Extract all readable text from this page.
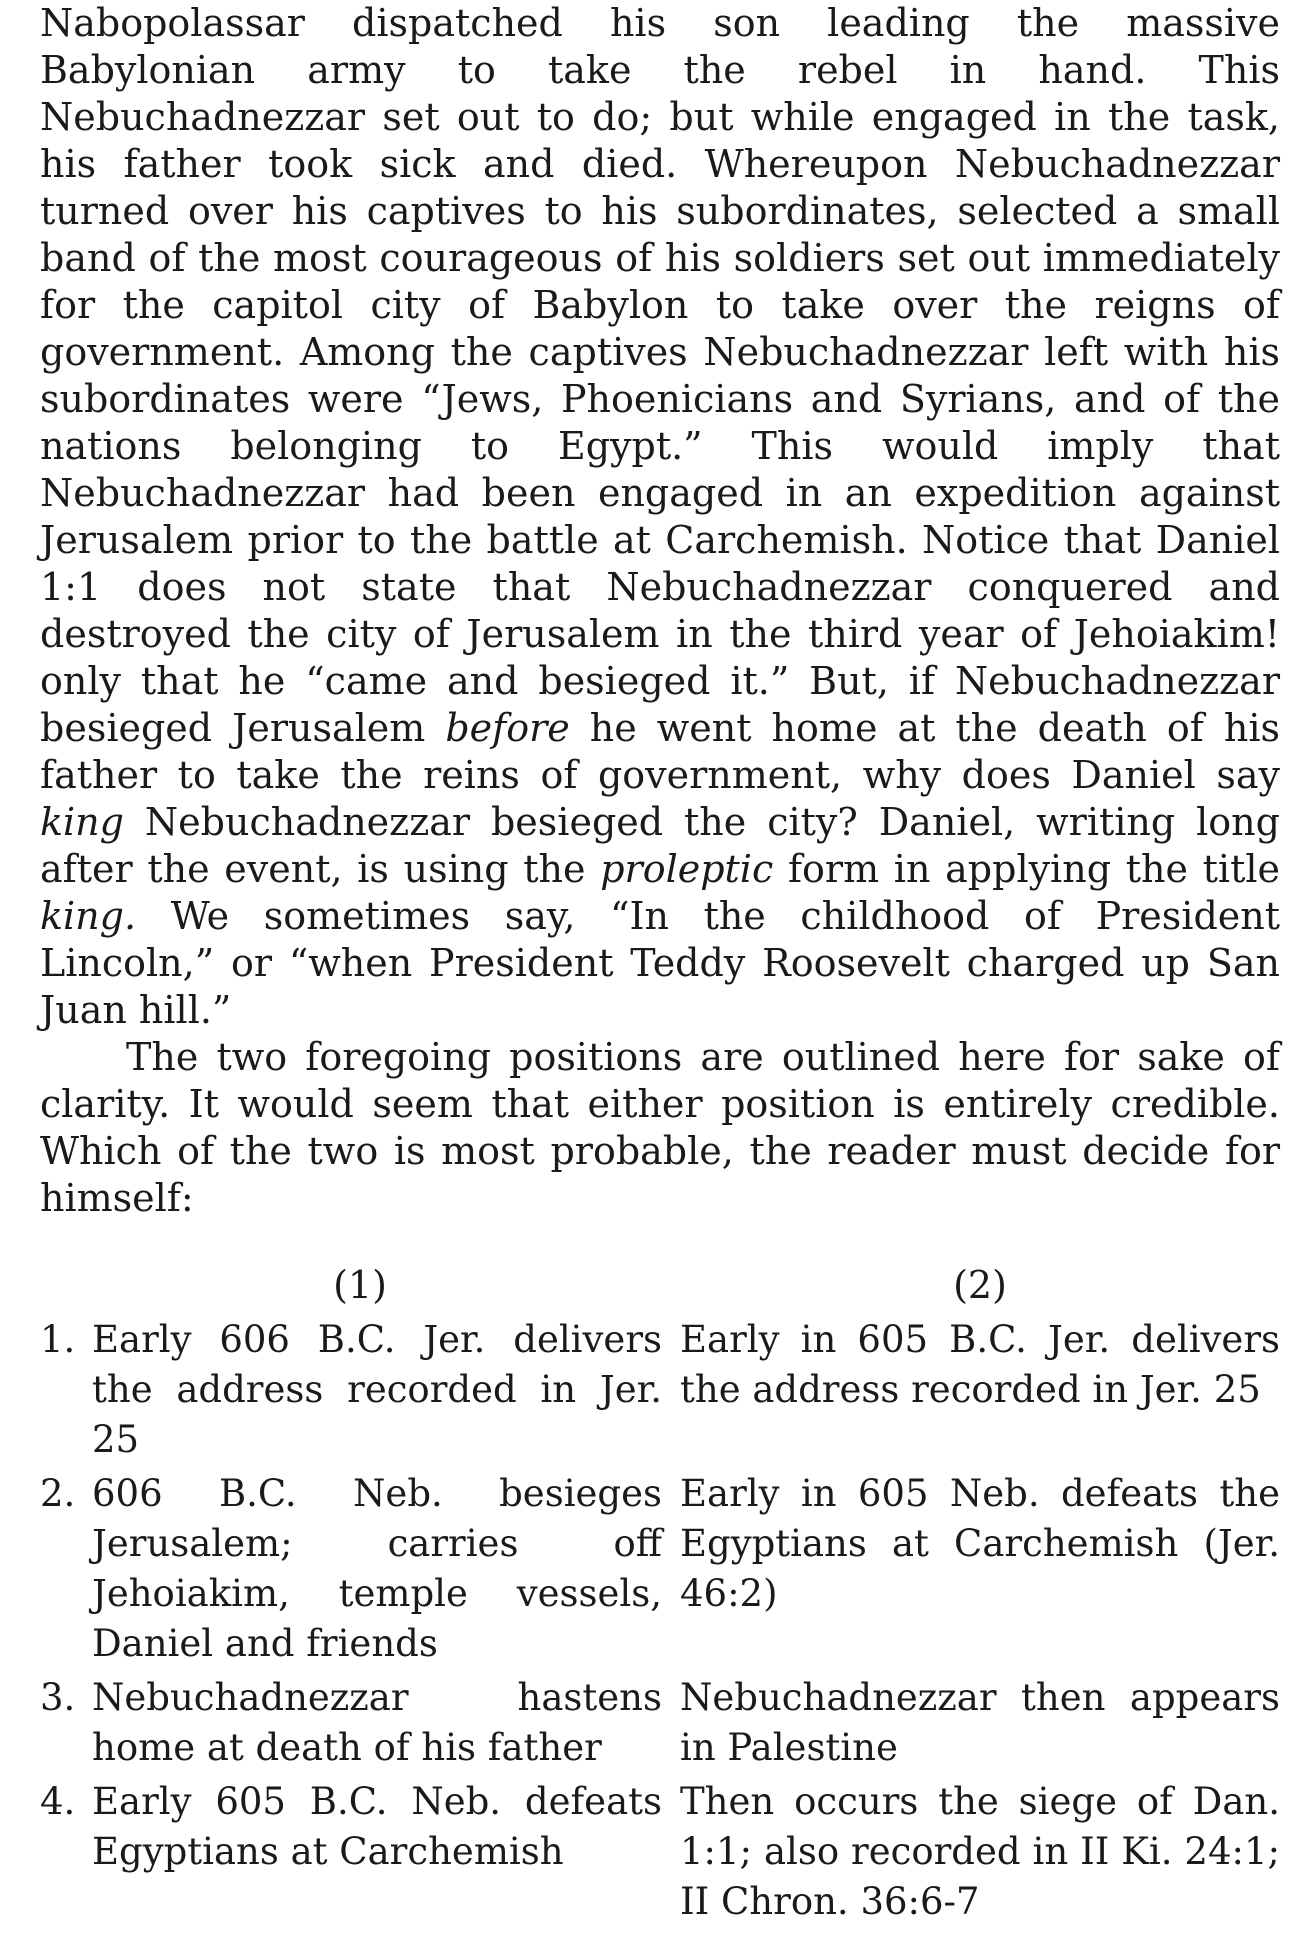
Nabopolassar dispatched his son leading the massive Babylonian army to take the rebel in hand. This Nebuchadnezzar set out to do; but while engaged in the task, his father took sick and died. Whereupon Nebuchadnezzar turned over his captives to his subordinates, selected a small band of the most courageous of his soldiers set out immediately for the capitol city of Babylon to take over the reigns of government. Among the captives Nebuchadnezzar left with his subordinates were “Jews, Phoenicians and Syrians, and of the nations belonging to Egypt.” This would imply that Nebuchadnezzar had been engaged in an expedition against Jerusalem prior to the battle at Carchemish. Notice that Daniel 1:1 does not state that Nebuchadnezzar conquered and destroyed the city of Jerusalem in the third year of Jehoiakim! only that he “came and besieged it.” But, if Nebuchadnezzar besieged Jerusalem before he went home at the death of his father to take the reins of government, why does Daniel say king Nebuchadnezzar besieged the city? Daniel, writing long after the event, is using the proleptic form in applying the title king. We sometimes say, “In the childhood of President Lincoln,” or “when President Teddy Roosevelt charged up San Juan hill.”

The two foregoing positions are outlined here for sake of clarity. It would seem that either position is entirely credible. Which of the two is most probable, the reader must decide for himself:

(1)	(2)
1. Early 606 B.C. Jer. delivers the address recorded in Jer. 25
Early in 605 B.C. Jer. delivers the address recorded in Jer. 25
2. 606 B.C. Neb. besieges Jerusalem; carries off Jehoiakim, temple vessels, Daniel and friends
Early in 605 Neb. defeats the Egyptians at Carchemish (Jer. 46:2)
3. Nebuchadnezzar hastens home at death of his father
Nebuchadnezzar then appears in Palestine
4. Early 605 B.C. Neb. defeats Egyptians at Carchemish
Then occurs the siege of Dan. 1:1; also recorded in II Ki. 24:1; II Chron. 36:6-7
